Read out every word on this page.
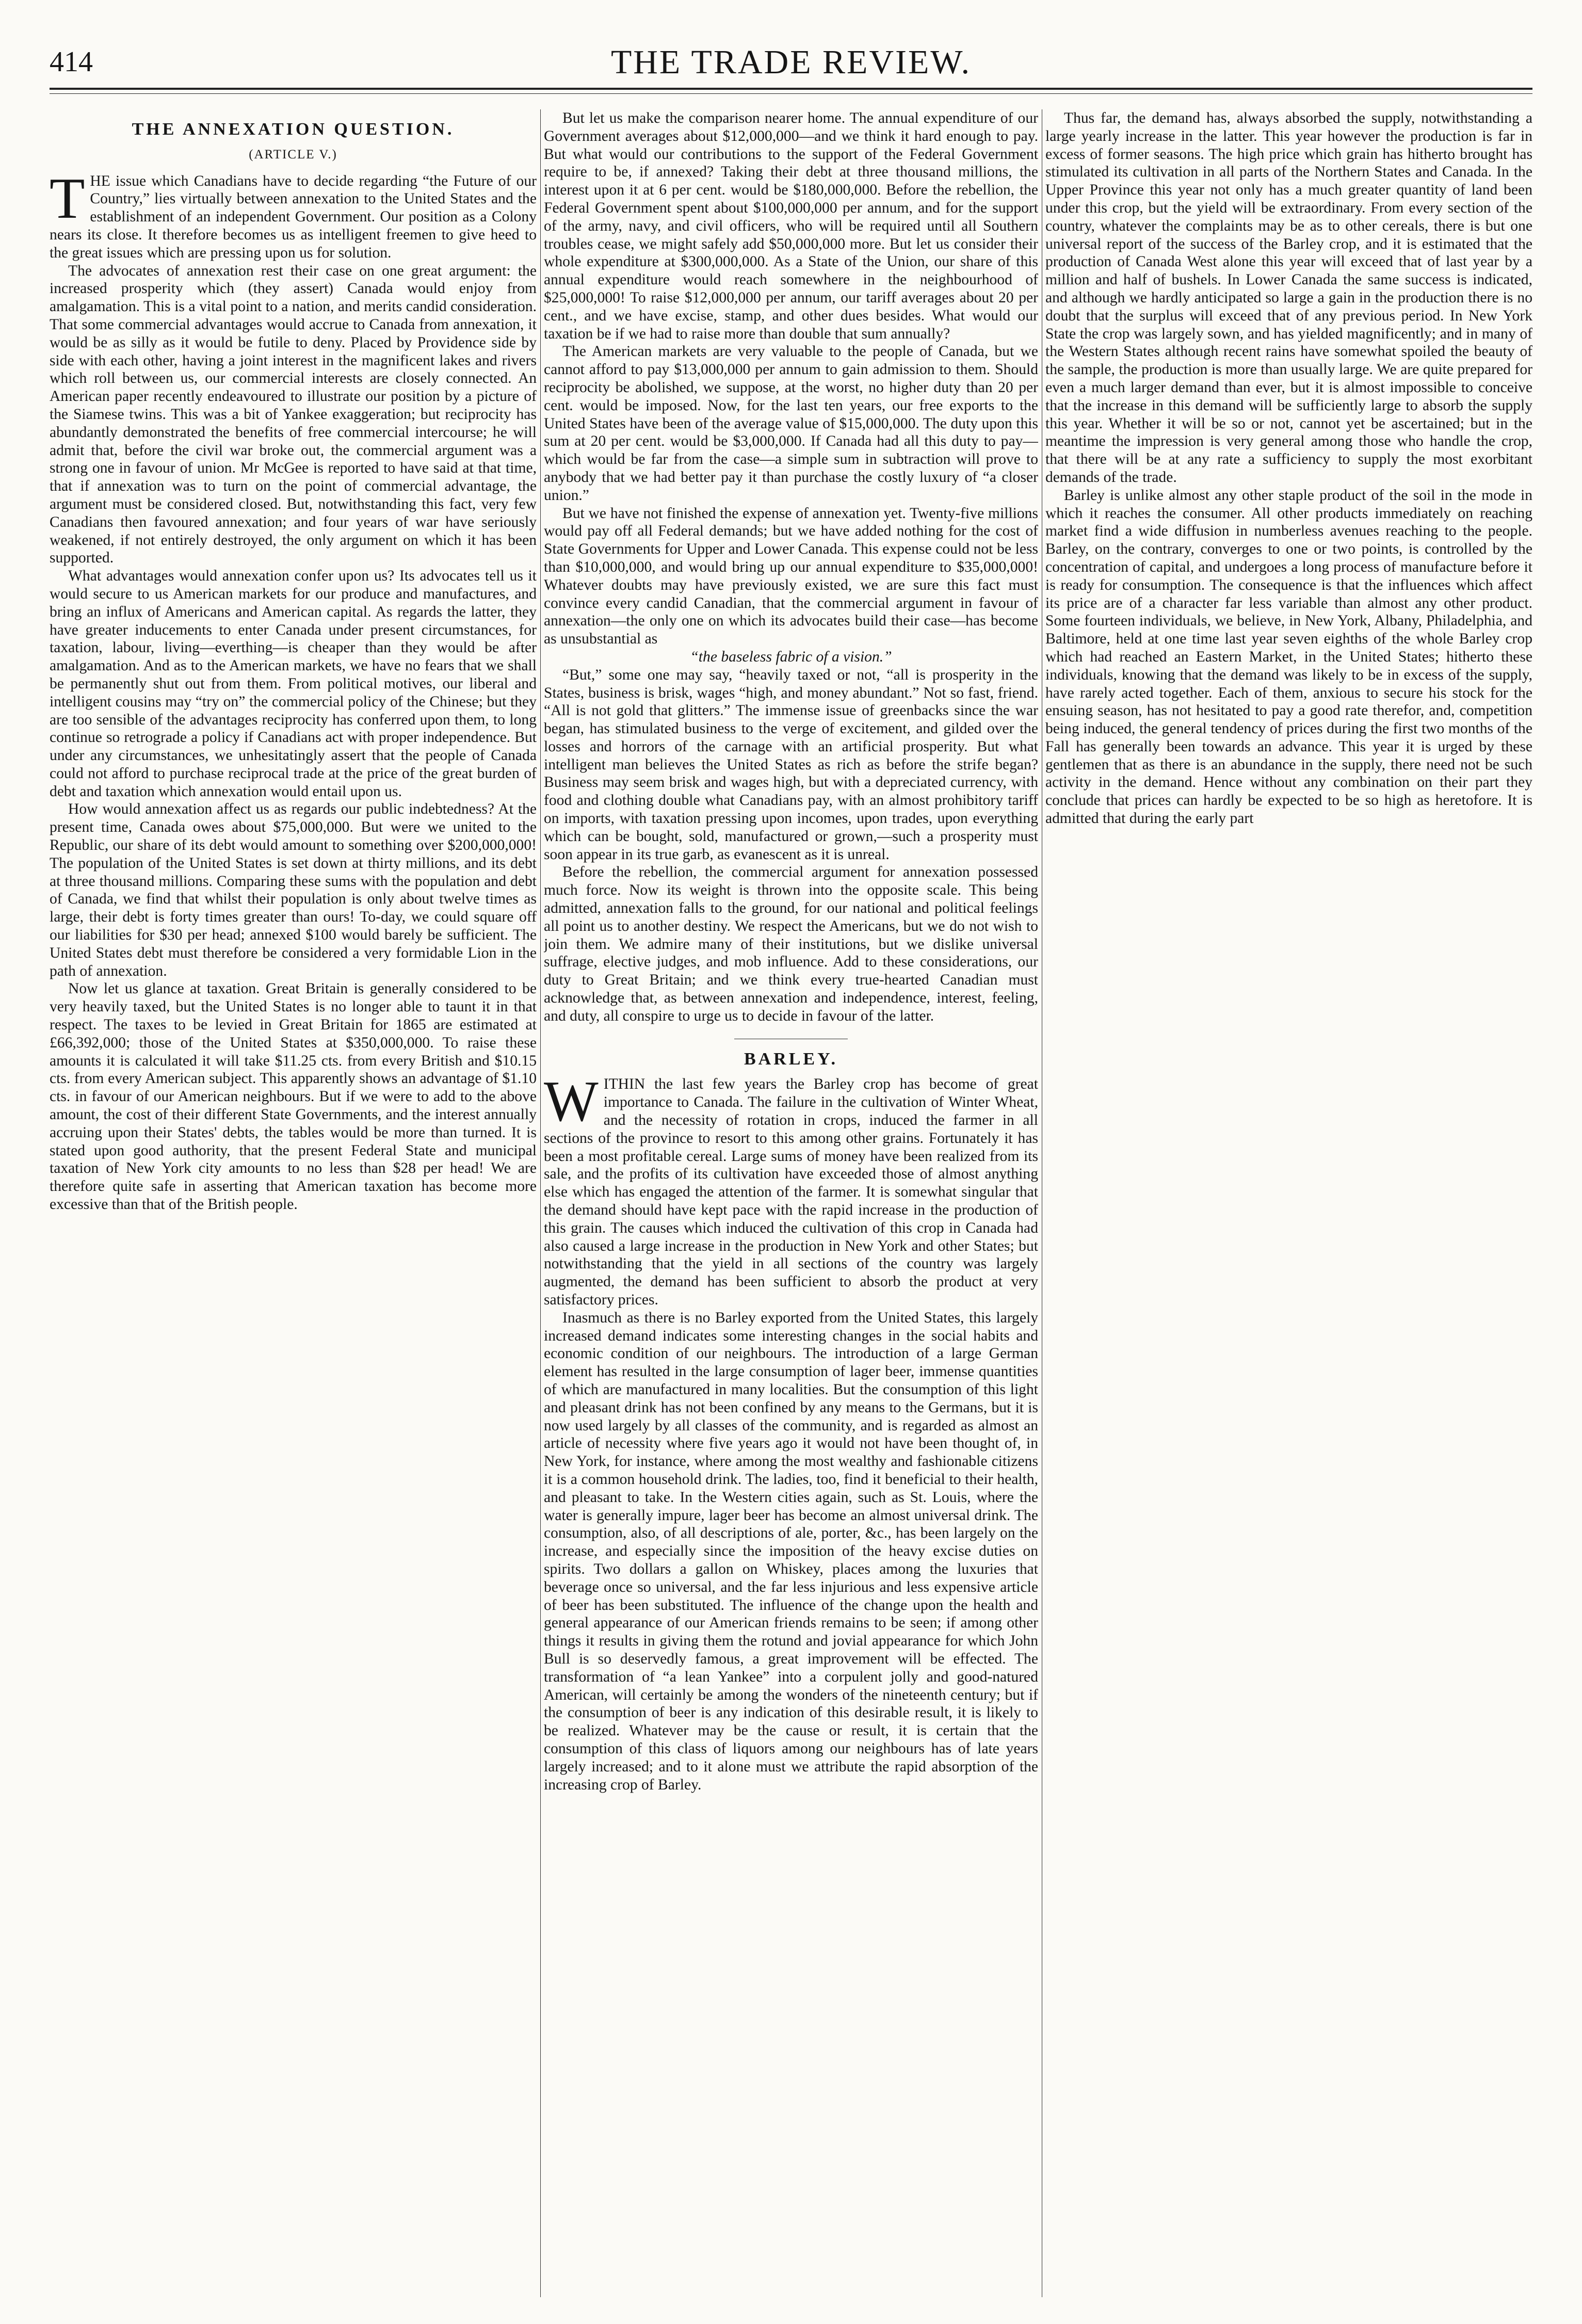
414	THE TRADE REVIEW.
THE ANNEXATION QUESTION.
(ARTICLE V.)

THE issue which Canadians have to decide regarding “the Future of our Country,” lies virtually between annexation to the United States and the establishment of an independent Government. Our position as a Colony nears its close. It therefore becomes us as intelligent freemen to give heed to the great issues which are pressing upon us for solution.

The advocates of annexation rest their case on one great argument: the increased prosperity which (they assert) Canada would enjoy from amalgamation. This is a vital point to a nation, and merits candid consideration. That some commercial advantages would accrue to Canada from annexation, it would be as silly as it would be futile to deny. Placed by Providence side by side with each other, having a joint interest in the magnificent lakes and rivers which roll between us, our commercial interests are closely connected. An American paper recently endeavoured to illustrate our position by a picture of the Siamese twins. This was a bit of Yankee exaggeration; but reciprocity has abundantly demonstrated the benefits of free commercial intercourse; he will admit that, before the civil war broke out, the commercial argument was a strong one in favour of union. Mr McGee is reported to have said at that time, that if annexation was to turn on the point of commercial advantage, the argument must be considered closed. But, notwithstanding this fact, very few Canadians then favoured annexation; and four years of war have seriously weakened, if not entirely destroyed, the only argument on which it has been supported.

What advantages would annexation confer upon us? Its advocates tell us it would secure to us American markets for our produce and manufactures, and bring an influx of Americans and American capital. As regards the latter, they have greater inducements to enter Canada under present circumstances, for taxation, labour, living—everthing—is cheaper than they would be after amalgamation. And as to the American markets, we have no fears that we shall be permanently shut out from them. From political motives, our liberal and intelligent cousins may “try on” the commercial policy of the Chinese; but they are too sensible of the advantages reciprocity has conferred upon them, to long continue so retrograde a policy if Canadians act with proper independence. But under any circumstances, we unhesitatingly assert that the people of Canada could not afford to purchase reciprocal trade at the price of the great burden of debt and taxation which annexation would entail upon us.

How would annexation affect us as regards our public indebtedness? At the present time, Canada owes about $75,000,000. But were we united to the Republic, our share of its debt would amount to something over $200,000,000! The population of the United States is set down at thirty millions, and its debt at three thousand millions. Comparing these sums with the population and debt of Canada, we find that whilst their population is only about twelve times as large, their debt is forty times greater than ours! To-day, we could square off our liabilities for $30 per head; annexed $100 would barely be sufficient. The United States debt must therefore be considered a very formidable Lion in the path of annexation.

Now let us glance at taxation. Great Britain is generally considered to be very heavily taxed, but the United States is no longer able to taunt it in that respect. The taxes to be levied in Great Britain for 1865 are estimated at £66,392,000; those of the United States at $350,000,000. To raise these amounts it is calculated it will take $11.25 cts. from every British and $10.15 cts. from every American subject. This apparently shows an advantage of $1.10 cts. in favour of our American neighbours. But if we were to add to the above amount, the cost of their different State Governments, and the interest annually accruing upon their States' debts, the tables would be more than turned. It is stated upon good authority, that the present Federal State and municipal taxation of New York city amounts to no less than $28 per head! We are therefore quite safe in asserting that American taxation has become more excessive than that of the British people.

But let us make the comparison nearer home. The annual expenditure of our Government averages about $12,000,000—and we think it hard enough to pay. But what would our contributions to the support of the Federal Government require to be, if annexed? Taking their debt at three thousand millions, the interest upon it at 6 per cent. would be $180,000,000. Before the rebellion, the Federal Government spent about $100,000,000 per annum, and for the support of the army, navy, and civil officers, who will be required until all Southern troubles cease, we might safely add $50,000,000 more. But let us consider their whole expenditure at $300,000,000. As a State of the Union, our share of this annual expenditure would reach somewhere in the neighbourhood of $25,000,000! To raise $12,000,000 per annum, our tariff averages about 20 per cent., and we have excise, stamp, and other dues besides. What would our taxation be if we had to raise more than double that sum annually?

The American markets are very valuable to the people of Canada, but we cannot afford to pay $13,000,000 per annum to gain admission to them. Should reciprocity be abolished, we suppose, at the worst, no higher duty than 20 per cent. would be imposed. Now, for the last ten years, our free exports to the United States have been of the average value of $15,000,000. The duty upon this sum at 20 per cent. would be $3,000,000. If Canada had all this duty to pay—which would be far from the case—a simple sum in subtraction will prove to anybody that we had better pay it than purchase the costly luxury of “a closer union.”

But we have not finished the expense of annexation yet. Twenty-five millions would pay off all Federal demands; but we have added nothing for the cost of State Governments for Upper and Lower Canada. This expense could not be less than $10,000,000, and would bring up our annual expenditure to $35,000,000! Whatever doubts may have previously existed, we are sure this fact must convince every candid Canadian, that the commercial argument in favour of annexation—the only one on which its advocates build their case—has become as unsubstantial as

“the baseless fabric of a vision.”

“But,” some one may say, “heavily taxed or not, “all is prosperity in the States, business is brisk, wages “high, and money abundant.” Not so fast, friend. “All is not gold that glitters.” The immense issue of greenbacks since the war began, has stimulated business to the verge of excitement, and gilded over the losses and horrors of the carnage with an artificial prosperity. But what intelligent man believes the United States as rich as before the strife began? Business may seem brisk and wages high, but with a depreciated currency, with food and clothing double what Canadians pay, with an almost prohibitory tariff on imports, with taxation pressing upon incomes, upon trades, upon everything which can be bought, sold, manufactured or grown,—such a prosperity must soon appear in its true garb, as evanescent as it is unreal.

Before the rebellion, the commercial argument for annexation possessed much force. Now its weight is thrown into the opposite scale. This being admitted, annexation falls to the ground, for our national and political feelings all point us to another destiny. We respect the Americans, but we do not wish to join them. We admire many of their institutions, but we dislike universal suffrage, elective judges, and mob influence. Add to these considerations, our duty to Great Britain; and we think every true-hearted Canadian must acknowledge that, as between annexation and independence, interest, feeling, and duty, all conspire to urge us to decide in favour of the latter.

BARLEY.

WITHIN the last few years the Barley crop has become of great importance to Canada. The failure in the cultivation of Winter Wheat, and the necessity of rotation in crops, induced the farmer in all sections of the province to resort to this among other grains. Fortunately it has been a most profitable cereal. Large sums of money have been realized from its sale, and the profits of its cultivation have exceeded those of almost anything else which has engaged the attention of the farmer. It is somewhat singular that the demand should have kept pace with the rapid increase in the production of this grain. The causes which induced the cultivation of this crop in Canada had also caused a large increase in the production in New York and other States; but notwithstanding that the yield in all sections of the country was largely augmented, the demand has been sufficient to absorb the product at very satisfactory prices.

Inasmuch as there is no Barley exported from the United States, this largely increased demand indicates some interesting changes in the social habits and economic condition of our neighbours. The introduction of a large German element has resulted in the large consumption of lager beer, immense quantities of which are manufactured in many localities. But the consumption of this light and pleasant drink has not been confined by any means to the Germans, but it is now used largely by all classes of the community, and is regarded as almost an article of necessity where five years ago it would not have been thought of, in New York, for instance, where among the most wealthy and fashionable citizens it is a common household drink. The ladies, too, find it beneficial to their health, and pleasant to take. In the Western cities again, such as St. Louis, where the water is generally impure, lager beer has become an almost universal drink. The consumption, also, of all descriptions of ale, porter, &c., has been largely on the increase, and especially since the imposition of the heavy excise duties on spirits. Two dollars a gallon on Whiskey, places among the luxuries that beverage once so universal, and the far less injurious and less expensive article of beer has been substituted. The influence of the change upon the health and general appearance of our American friends remains to be seen; if among other things it results in giving them the rotund and jovial appearance for which John Bull is so deservedly famous, a great improvement will be effected. The transformation of “a lean Yankee” into a corpulent jolly and good-natured American, will certainly be among the wonders of the nineteenth century; but if the consumption of beer is any indication of this desirable result, it is likely to be realized. Whatever may be the cause or result, it is certain that the consumption of this class of liquors among our neighbours has of late years largely increased; and to it alone must we attribute the rapid absorption of the increasing crop of Barley.

Thus far, the demand has, always absorbed the supply, notwithstanding a large yearly increase in the latter. This year however the production is far in excess of former seasons. The high price which grain has hitherto brought has stimulated its cultivation in all parts of the Northern States and Canada. In the Upper Province this year not only has a much greater quantity of land been under this crop, but the yield will be extraordinary. From every section of the country, whatever the complaints may be as to other cereals, there is but one universal report of the success of the Barley crop, and it is estimated that the production of Canada West alone this year will exceed that of last year by a million and half of bushels. In Lower Canada the same success is indicated, and although we hardly anticipated so large a gain in the production there is no doubt that the surplus will exceed that of any previous period. In New York State the crop was largely sown, and has yielded magnificently; and in many of the Western States although recent rains have somewhat spoiled the beauty of the sample, the production is more than usually large. We are quite prepared for even a much larger demand than ever, but it is almost impossible to conceive that the increase in this demand will be sufficiently large to absorb the supply this year. Whether it will be so or not, cannot yet be ascertained; but in the meantime the impression is very general among those who handle the crop, that there will be at any rate a sufficiency to supply the most exorbitant demands of the trade.

Barley is unlike almost any other staple product of the soil in the mode in which it reaches the consumer. All other products immediately on reaching market find a wide diffusion in numberless avenues reaching to the people. Barley, on the contrary, converges to one or two points, is controlled by the concentration of capital, and undergoes a long process of manufacture before it is ready for consumption. The consequence is that the influences which affect its price are of a character far less variable than almost any other product. Some fourteen individuals, we believe, in New York, Albany, Philadelphia, and Baltimore, held at one time last year seven eighths of the whole Barley crop which had reached an Eastern Market, in the United States; hitherto these individuals, knowing that the demand was likely to be in excess of the supply, have rarely acted together. Each of them, anxious to secure his stock for the ensuing season, has not hesitated to pay a good rate therefor, and, competition being induced, the general tendency of prices during the first two months of the Fall has generally been towards an advance. This year it is urged by these gentlemen that as there is an abundance in the supply, there need not be such activity in the demand. Hence without any combination on their part they conclude that prices can hardly be expected to be so high as heretofore. It is admitted that during the early part
